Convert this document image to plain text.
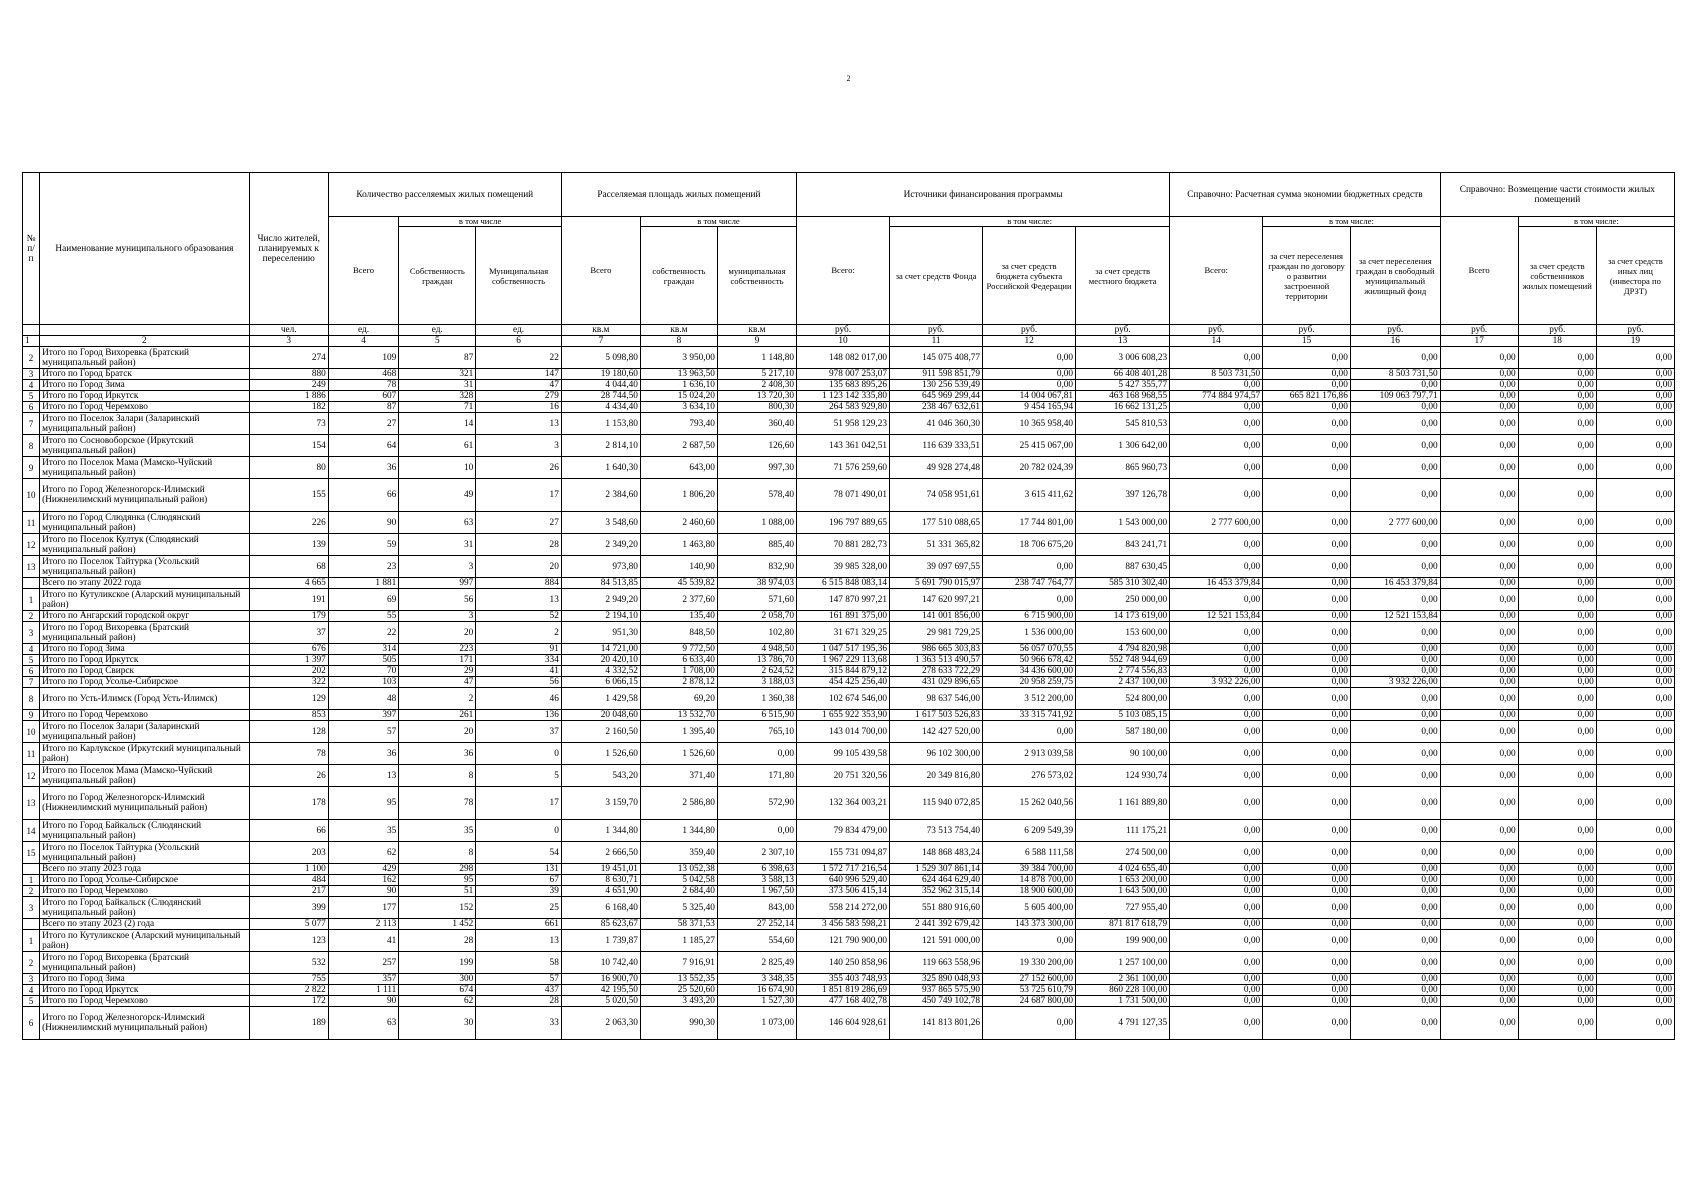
2
№ п/п	Наименование муниципального образования	Число жителей, планируемых к переселению	Количество расселяемых жилых помещений			Расселяемая площадь жилых помещений			Источники финансирования программы				Справочно: Расчетная сумма экономии бюджетных средств			Справочно: Возмещение части стоимости жилых помещений		
			Всего	в том числе		Всего	в том числе		Всего:	в том числе:			Всего:	в том числе:		Всего	в том числе:	
				Собственность граждан	Муниципальная собственность		собственность граждан	муниципальная собственность		за счет средств Фонда	за счет средств бюджета субъекта Российской Федерации	за счет средств местного бюджета		за счет переселения граждан по договору о развитии застроенной территории	за счет переселения граждан в свободный муниципальный жилищный фонд		за счет средств собственников жилых помещений	за счет средств иных лиц (инвестора по ДРЗТ)
		чел.	ед.	ед.	ед.	кв.м	кв.м	кв.м	руб.	руб.	руб.	руб.	руб.	руб.	руб.	руб.	руб.	руб.
1	2	3	4	5	6	7	8	9	10	11	12	13	14	15	16	17	18	19
2	Итого по Город Вихоревка (Братский муниципальный район)	274	109	87	22	5 098,80	3 950,00	1 148,80	148 082 017,00	145 075 408,77	0,00	3 006 608,23	0,00	0,00	0,00	0,00	0,00	0,00
3	Итого по Город Братск	880	468	321	147	19 180,60	13 963,50	5 217,10	978 007 253,07	911 598 851,79	0,00	66 408 401,28	8 503 731,50	0,00	8 503 731,50	0,00	0,00	0,00
4	Итого по Город Зима	249	78	31	47	4 044,40	1 636,10	2 408,30	135 683 895,26	130 256 539,49	0,00	5 427 355,77	0,00	0,00	0,00	0,00	0,00	0,00
5	Итого по Город Иркутск	1 886	607	328	279	28 744,50	15 024,20	13 720,30	1 123 142 335,80	645 969 299,44	14 004 067,81	463 168 968,55	774 884 974,57	665 821 176,86	109 063 797,71	0,00	0,00	0,00
6	Итого по Город Черемхово	182	87	71	16	4 434,40	3 634,10	800,30	264 583 929,80	238 467 632,61	9 454 165,94	16 662 131,25	0,00	0,00	0,00	0,00	0,00	0,00
7	Итого по Поселок Залари (Заларинский муниципальный район)	73	27	14	13	1 153,80	793,40	360,40	51 958 129,23	41 046 360,30	10 365 958,40	545 810,53	0,00	0,00	0,00	0,00	0,00	0,00
8	Итого по Сосновоборское (Иркутский муниципальный район)	154	64	61	3	2 814,10	2 687,50	126,60	143 361 042,51	116 639 333,51	25 415 067,00	1 306 642,00	0,00	0,00	0,00	0,00	0,00	0,00
9	Итого по Поселок Мама (Мамско-Чуйский муниципальный район)	80	36	10	26	1 640,30	643,00	997,30	71 576 259,60	49 928 274,48	20 782 024,39	865 960,73	0,00	0,00	0,00	0,00	0,00	0,00
10	Итого по Город Железногорск-Илимский (Нижнеилимский муниципальный район)	155	66	49	17	2 384,60	1 806,20	578,40	78 071 490,01	74 058 951,61	3 615 411,62	397 126,78	0,00	0,00	0,00	0,00	0,00	0,00
11	Итого по Город Слюдянка (Слюдянский муниципальный район)	226	90	63	27	3 548,60	2 460,60	1 088,00	196 797 889,65	177 510 088,65	17 744 801,00	1 543 000,00	2 777 600,00	0,00	2 777 600,00	0,00	0,00	0,00
12	Итого по Поселок Култук (Слюдянский муниципальный район)	139	59	31	28	2 349,20	1 463,80	885,40	70 881 282,73	51 331 365,82	18 706 675,20	843 241,71	0,00	0,00	0,00	0,00	0,00	0,00
13	Итого по Поселок Тайтурка (Усольский муниципальный район)	68	23	3	20	973,80	140,90	832,90	39 985 328,00	39 097 697,55	0,00	887 630,45	0,00	0,00	0,00	0,00	0,00	0,00
	Всего по этапу 2022 года	4 665	1 881	997	884	84 513,85	45 539,82	38 974,03	6 515 848 083,14	5 691 790 015,97	238 747 764,77	585 310 302,40	16 453 379,84	0,00	16 453 379,84	0,00	0,00	0,00
1	Итого по Кутуликское (Аларский муниципальный район)	191	69	56	13	2 949,20	2 377,60	571,60	147 870 997,21	147 620 997,21	0,00	250 000,00	0,00	0,00	0,00	0,00	0,00	0,00
2	Итого по Ангарский городской округ	179	55	3	52	2 194,10	135,40	2 058,70	161 891 375,00	141 001 856,00	6 715 900,00	14 173 619,00	12 521 153,84	0,00	12 521 153,84	0,00	0,00	0,00
3	Итого по Город Вихоревка (Братский муниципальный район)	37	22	20	2	951,30	848,50	102,80	31 671 329,25	29 981 729,25	1 536 000,00	153 600,00	0,00	0,00	0,00	0,00	0,00	0,00
4	Итого по Город Зима	676	314	223	91	14 721,00	9 772,50	4 948,50	1 047 517 195,36	986 665 303,83	56 057 070,55	4 794 820,98	0,00	0,00	0,00	0,00	0,00	0,00
5	Итого по Город Иркутск	1 397	505	171	334	20 420,10	6 633,40	13 786,70	1 967 229 113,68	1 363 513 490,57	50 966 678,42	552 748 944,69	0,00	0,00	0,00	0,00	0,00	0,00
6	Итого по Город Свирск	202	70	29	41	4 332,52	1 708,00	2 624,52	315 844 879,12	278 633 722,29	34 436 600,00	2 774 556,83	0,00	0,00	0,00	0,00	0,00	0,00
7	Итого по Город Усолье-Сибирское	322	103	47	56	6 066,15	2 878,12	3 188,03	454 425 256,40	431 029 896,65	20 958 259,75	2 437 100,00	3 932 226,00	0,00	3 932 226,00	0,00	0,00	0,00
8	Итого по Усть-Илимск (Город Усть-Илимск)	129	48	2	46	1 429,58	69,20	1 360,38	102 674 546,00	98 637 546,00	3 512 200,00	524 800,00	0,00	0,00	0,00	0,00	0,00	0,00
9	Итого по Город Черемхово	853	397	261	136	20 048,60	13 532,70	6 515,90	1 655 922 353,90	1 617 503 526,83	33 315 741,92	5 103 085,15	0,00	0,00	0,00	0,00	0,00	0,00
10	Итого по Поселок Залари (Заларинский муниципальный район)	128	57	20	37	2 160,50	1 395,40	765,10	143 014 700,00	142 427 520,00	0,00	587 180,00	0,00	0,00	0,00	0,00	0,00	0,00
11	Итого по Карлукское (Иркутский муниципальный район)	78	36	36	0	1 526,60	1 526,60	0,00	99 105 439,58	96 102 300,00	2 913 039,58	90 100,00	0,00	0,00	0,00	0,00	0,00	0,00
12	Итого по Поселок Мама (Мамско-Чуйский муниципальный район)	26	13	8	5	543,20	371,40	171,80	20 751 320,56	20 349 816,80	276 573,02	124 930,74	0,00	0,00	0,00	0,00	0,00	0,00
13	Итого по Город Железногорск-Илимский (Нижнеилимский муниципальный район)	178	95	78	17	3 159,70	2 586,80	572,90	132 364 003,21	115 940 072,85	15 262 040,56	1 161 889,80	0,00	0,00	0,00	0,00	0,00	0,00
14	Итого по Город Байкальск (Слюдянский муниципальный район)	66	35	35	0	1 344,80	1 344,80	0,00	79 834 479,00	73 513 754,40	6 209 549,39	111 175,21	0,00	0,00	0,00	0,00	0,00	0,00
15	Итого по Поселок Тайтурка (Усольский муниципальный район)	203	62	8	54	2 666,50	359,40	2 307,10	155 731 094,87	148 868 483,24	6 588 111,58	274 500,00	0,00	0,00	0,00	0,00	0,00	0,00
	Всего по этапу 2023 года	1 100	429	298	131	19 451,01	13 052,38	6 398,63	1 572 717 216,54	1 529 307 861,14	39 384 700,00	4 024 655,40	0,00	0,00	0,00	0,00	0,00	0,00
1	Итого по Город Усолье-Сибирское	484	162	95	67	8 630,71	5 042,58	3 588,13	640 996 529,40	624 464 629,40	14 878 700,00	1 653 200,00	0,00	0,00	0,00	0,00	0,00	0,00
2	Итого по Город Черемхово	217	90	51	39	4 651,90	2 684,40	1 967,50	373 506 415,14	352 962 315,14	18 900 600,00	1 643 500,00	0,00	0,00	0,00	0,00	0,00	0,00
3	Итого по Город Байкальск (Слюдянский муниципальный район)	399	177	152	25	6 168,40	5 325,40	843,00	558 214 272,00	551 880 916,60	5 605 400,00	727 955,40	0,00	0,00	0,00	0,00	0,00	0,00
	Всего по этапу 2023 (2) года	5 077	2 113	1 452	661	85 623,67	58 371,53	27 252,14	3 456 583 598,21	2 441 392 679,42	143 373 300,00	871 817 618,79	0,00	0,00	0,00	0,00	0,00	0,00
1	Итого по Кутуликское (Аларский муниципальный район)	123	41	28	13	1 739,87	1 185,27	554,60	121 790 900,00	121 591 000,00	0,00	199 900,00	0,00	0,00	0,00	0,00	0,00	0,00
2	Итого по Город Вихоревка (Братский муниципальный район)	532	257	199	58	10 742,40	7 916,91	2 825,49	140 250 858,96	119 663 558,96	19 330 200,00	1 257 100,00	0,00	0,00	0,00	0,00	0,00	0,00
3	Итого по Город Зима	755	357	300	57	16 900,70	13 552,35	3 348,35	355 403 748,93	325 890 048,93	27 152 600,00	2 361 100,00	0,00	0,00	0,00	0,00	0,00	0,00
4	Итого по Город Иркутск	2 822	1 111	674	437	42 195,50	25 520,60	16 674,90	1 851 819 286,69	937 865 575,90	53 725 610,79	860 228 100,00	0,00	0,00	0,00	0,00	0,00	0,00
5	Итого по Город Черемхово	172	90	62	28	5 020,50	3 493,20	1 527,30	477 168 402,78	450 749 102,78	24 687 800,00	1 731 500,00	0,00	0,00	0,00	0,00	0,00	0,00
6	Итого по Город Железногорск-Илимский (Нижнеилимский муниципальный район)	189	63	30	33	2 063,30	990,30	1 073,00	146 604 928,61	141 813 801,26	0,00	4 791 127,35	0,00	0,00	0,00	0,00	0,00	0,00
